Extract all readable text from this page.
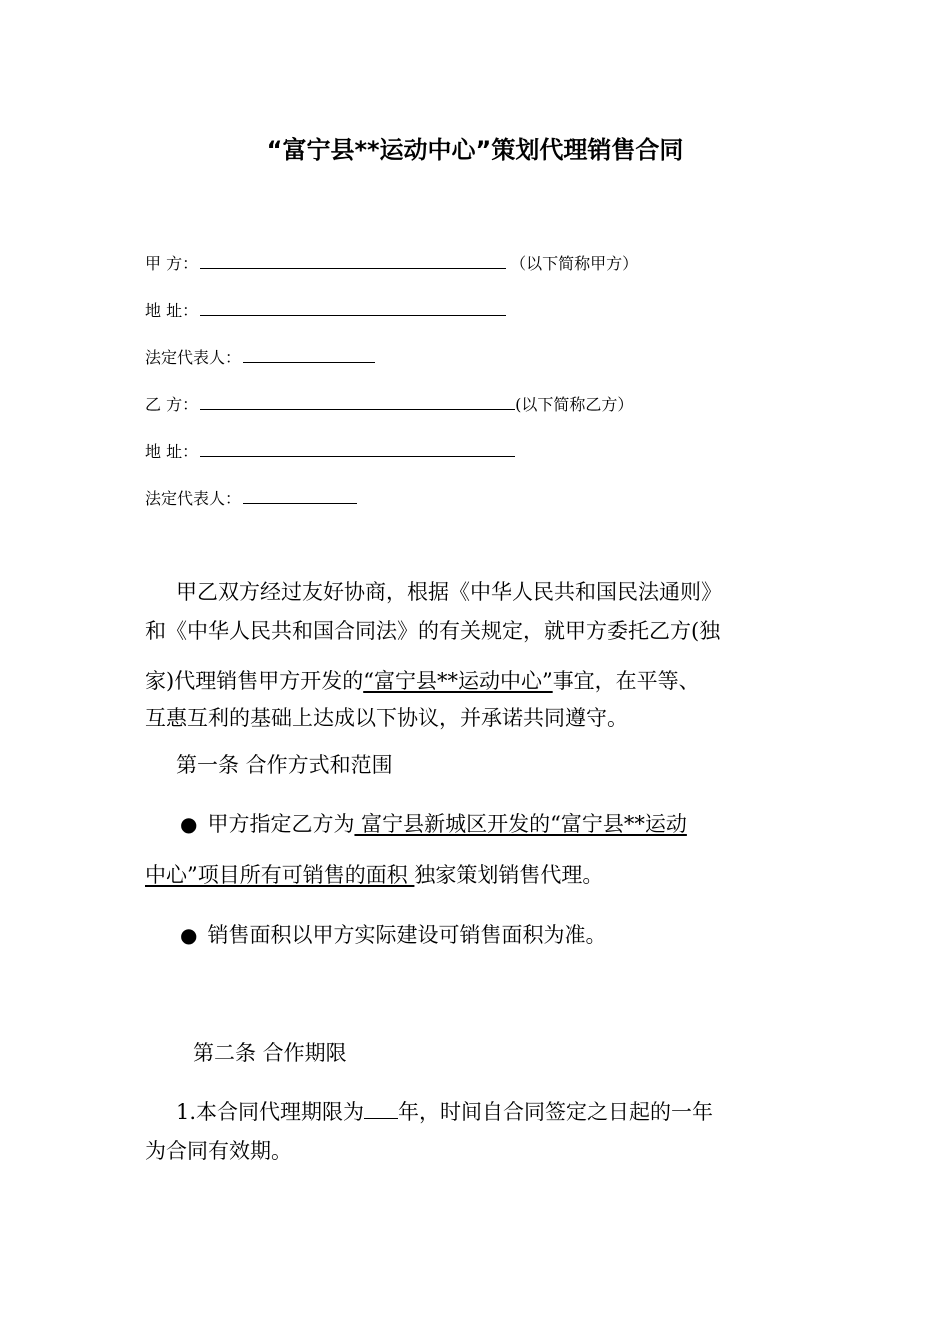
“富宁县**运动中心”策划代理销售合同
甲 方：	（以下简称甲方）
地 址：
法定代表人：
乙 方：	(以下简称乙方）
地 址：
法定代表人：
甲乙双方经过友好协商，根据《中华人民共和国民法通则》
和《中华人民共和国合同法》的有关规定，就甲方委托乙方(独
家)代理销售甲方开发的“富宁县**运动中心”事宜，在平等、
互惠互利的基础上达成以下协议，并承诺共同遵守。
第一条 合作方式和范围
● 甲方指定乙方为 富宁县新城区开发的“富宁县**运动
中心”项目所有可销售的面积 独家策划销售代理。
● 销售面积以甲方实际建设可销售面积为准。
第二条 合作期限
1.本合同代理期限为 年，时间自合同签定之日起的一年
为合同有效期。
